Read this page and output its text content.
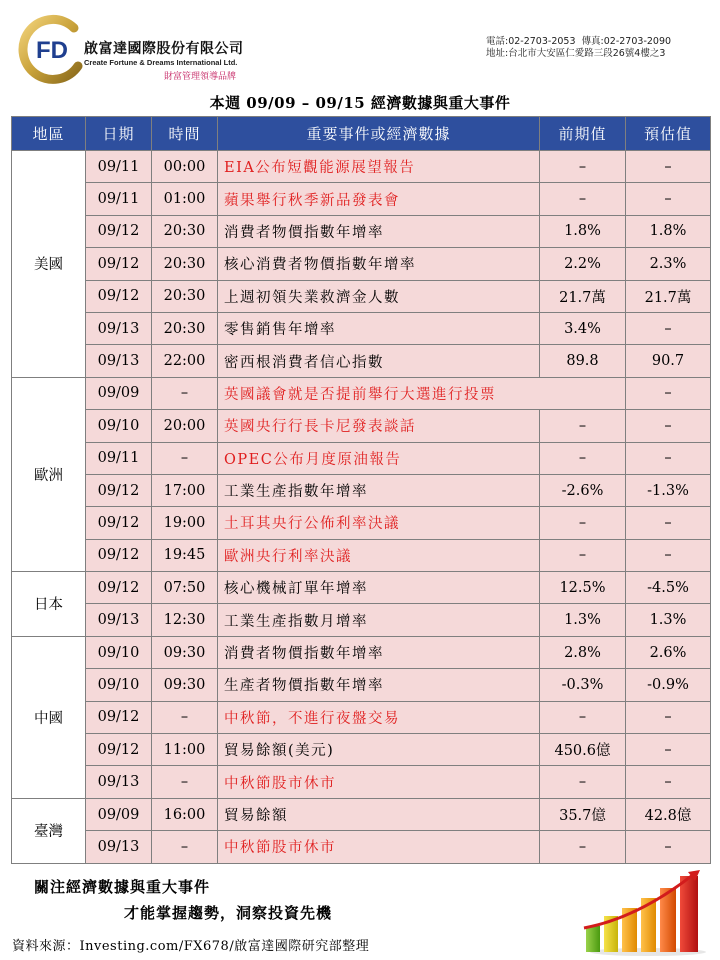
FD 啟富達國際股份有限公司
Create Fortune & Dreams International Ltd.
財富管理領導品牌
電話:02-2703-2053 傳真:02-2703-2090
地址:台北市大安區仁愛路三段26號4樓之3
本週 09/09 – 09/15 經濟數據與重大事件
地區	日期	時間	重要事件或經濟數據	前期值	預估值
美國	09/11	00:00	EIA公布短觀能源展望報告	–	–
	09/11	01:00	蘋果舉行秋季新品發表會	–	–
	09/12	20:30	消費者物價指數年增率	1.8%	1.8%
	09/12	20:30	核心消費者物價指數年增率	2.2%	2.3%
	09/12	20:30	上週初領失業救濟金人數	21.7萬	21.7萬
	09/13	20:30	零售銷售年增率	3.4%	–
	09/13	22:00	密西根消費者信心指數	89.8	90.7
歐洲	09/09	–	英國議會就是否提前舉行大選進行投票		–
	09/10	20:00	英國央行行長卡尼發表談話	–	–
	09/11	–	OPEC公布月度原油報告	–	–
	09/12	17:00	工業生產指數年增率	-2.6%	-1.3%
	09/12	19:00	土耳其央行公佈利率決議	–	–
	09/12	19:45	歐洲央行利率決議	–	–
日本	09/12	07:50	核心機械訂單年增率	12.5%	-4.5%
	09/13	12:30	工業生產指數月增率	1.3%	1.3%
中國	09/10	09:30	消費者物價指數年增率	2.8%	2.6%
	09/10	09:30	生產者物價指數年增率	-0.3%	-0.9%
	09/12	–	中秋節，不進行夜盤交易	–	–
	09/12	11:00	貿易餘額(美元)	450.6億	–
	09/13	–	中秋節股市休市	–	–
臺灣	09/09	16:00	貿易餘額	35.7億	42.8億
	09/13	–	中秋節股市休市	–	–
關注經濟數據與重大事件
才能掌握趨勢，洞察投資先機
資料來源：Investing.com/FX678/啟富達國際研究部整理
